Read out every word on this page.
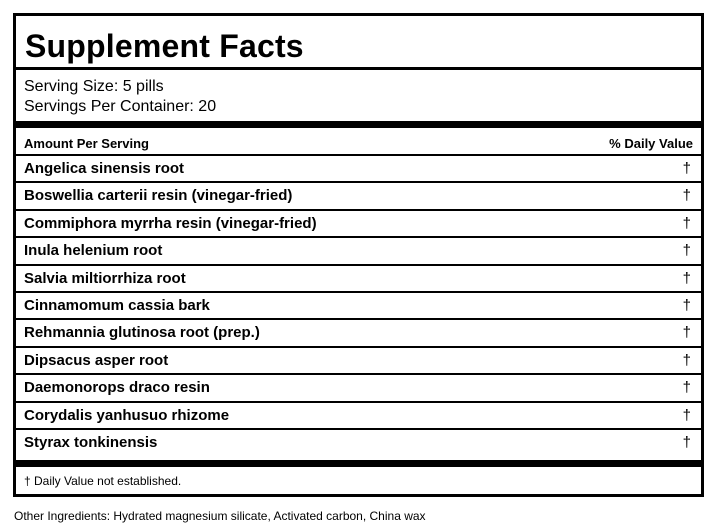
Supplement Facts
Serving Size: 5 pills
Servings Per Container: 20
Amount Per Serving	% Daily Value
Angelica sinensis root	†
Boswellia carterii resin (vinegar-fried)	†
Commiphora myrrha resin (vinegar-fried)	†
Inula helenium root	†
Salvia miltiorrhiza root	†
Cinnamomum cassia bark	†
Rehmannia glutinosa root (prep.)	†
Dipsacus asper root	†
Daemonorops draco resin	†
Corydalis yanhusuo rhizome	†
Styrax tonkinensis	†
† Daily Value not established.
Other Ingredients: Hydrated magnesium silicate, Activated carbon, China wax
